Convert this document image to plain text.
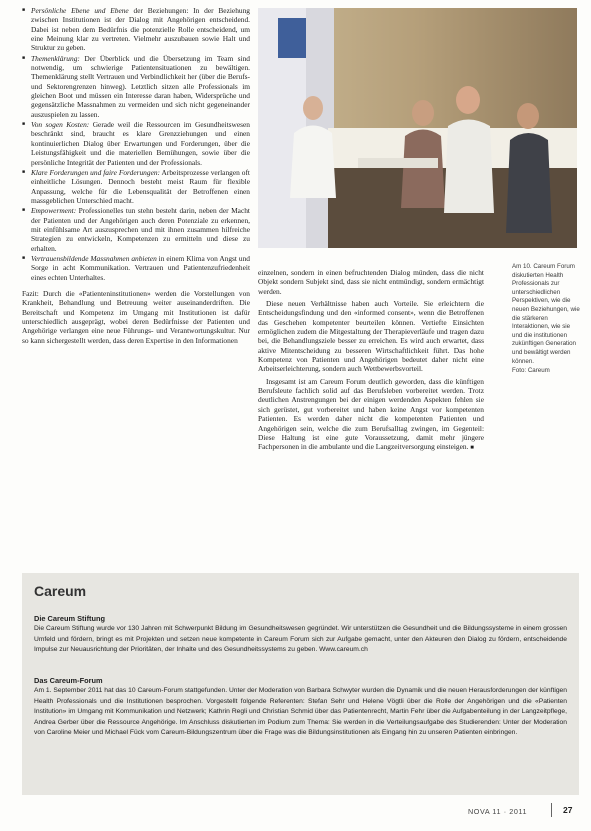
■ Persönliche Ebene und Ebene der Beziehungen: In der Beziehung zwischen Institutionen ist der Dialog mit Angehörigen entscheidend. Dabei ist neben dem Bedürfnis die potenzielle Rolle entscheidend, um eine Meinung klar zu vertreten. Vielmehr auszubauen sowie Halt und Struktur zu geben.
■ Themenklärung: Der Überblick und die Übersetzung im Team sind notwendig, um schwierige Patientensituationen zu bewältigen. Themenklärung stellt Vertrauen und Verbindlichkeit her (über die Berufs- und Sektorengrenzen hinweg). Letztlich sitzen alle Professionals im gleichen Boot und müssen ein Interesse daran haben, Widersprüche und gegensätzliche Massnahmen zu vermeiden und sich nicht gegeneinander auszuspielen zu lassen.
■ Von sogen Kosten: Gerade weil die Ressourcen im Gesundheitswesen beschränkt sind, braucht es klare Grenzziehungen und einen kontinuierlichen Dialog über Erwartungen und Forderungen, über die Leistungsfähigkeit und die materiellen Bemühungen, sowie über die persönliche Integrität der Patienten und der Professionals.
■ Klare Forderungen und faire Forderungen: Arbeitsprozesse verlangen oft einheitliche Lösungen. Dennoch besteht meist Raum für flexible Anpassung, welche für die Lebensqualität der Betroffenen einen massgeblichen Unterschied macht.
■ Empowerment: Professionelles tun stehn besteht darin, neben der Macht der Patienten und der Angehörigen auch deren Potenziale zu erkennen, mit einfühlsame Art auszusprechen und mit ihnen zusammen hilfreiche Strategien zu entwickeln, Kompetenzen zu ermitteln und diese zu erhalten.
■ Vertrauensbildende Massnahmen anbieten in einem Klima von Angst und Sorge in acht Kommunikation. Vertrauen und Patientenzufriedenheit eines echten Unterhaltes.

Fazit: Durch die «Patienteninstitutionen» werden die Vorstellungen von Krankheit, Behandlung und Betreuung weiter auseinanderdriften. Die Bereitschaft und Kompetenz im Umgang mit Institutionen ist dafür unterschiedlich ausgeprägt, wobei deren Bedürfnisse der Patienten und Angehörige verlangen eine neue Führungs- und Verantwortungskultur. Nur so kann sichergestellt werden, dass deren Expertise in den Informationen

Am 10. Careum Forum diskutierten Health Professionals zur unterschiedlichen Perspektiven, wie die neuen Beziehungen, wie die stärkeren Interaktionen, wie sie und die institutionen zukünftigen Generation und bewältigt werden können.
Foto: Careum

einzelnen, sondern in einen befruchtenden Dialog münden, dass die nicht Objekt sondern Subjekt sind, dass sie nicht entmündigt, sondern ermächtigt werden.

Diese neuen Verhältnisse haben auch Vorteile. Sie erleichtern die Entscheidungsfindung und den «informed consent», wenn die Betroffenen das Geschehen kompetenter beurteilen können. Vertiefte Einsichten ermöglichen zudem die Mitgestaltung der Therapieverläufe und tragen dazu bei, die Behandlungsziele besser zu erreichen. Es wird auch erwartet, dass aktive Mitentscheidung zu besseren Wirtschaftlichkeit führt. Das hohe Kompetenz von Patienten und Angehörigen bedeutet daher nicht eine Arbeitserleichterung, sondern auch Wettbewerbsvorteil.

Insgesamt ist am Careum Forum deutlich geworden, dass die künftigen Berufsleute fachlich solid auf das Berufsleben vorbereitet werden. Trotz deutlichen Anstrengungen bei der einigen werdenden Aspekten fehlen sie sich gerüstet, gut vorbereitet und haben keine Angst vor kompetenten Patienten. Es werden daher nicht die kompetenten Patienten und Angehörigen sein, welche die zum Berufsalltag zwingen, im Gegenteil: Diese Haltung ist eine gute Voraussetzung, damit mehr jüngere Fachpersonen in die ambulante und die Langzeitversorgung einsteigen. ■

Careum
Die Careum Stiftung
Die Careum Stiftung wurde vor 130 Jahren mit Schwerpunkt Bildung im Gesundheitswesen gegründet. Wir unterstützen die Gesundheit und die Bildungssysteme in einem grossen Umfeld und fördern, bringt es mit Projekten und setzen neue kompetente in Careum Forum sich zur Aufgabe gemacht, unter den Akteuren den Dialog zu fördern, entscheidende Impulse zur Neuausrichtung der Prioritäten, der Inhalte und des Gesundheitssystems zu geben. Www.careum.ch
Das Careum-Forum
Am 1. September 2011 hat das 10 Careum-Forum stattgefunden. Unter der Moderation von Barbara Schwyter wurden die Dynamik und die neuen Herausforderungen der künftigen Health Professionals und die Institutionen besprochen. Vorgestellt folgende Referenten: Stefan Sehr und Helene Vögtli über die Rolle der Angehörigen und die «Patienten Institution» im Umgang mit Kommunikation und Netzwerk; Kathrin Regli und Christian Schmid über das Patientenrecht, Martin Fehr über die Aufgabenteilung in der Langzeitpflege, Andrea Gerber über die Ressource Angehörige. Im Anschluss diskutierten im Podium zum Thema: Sie werden in die Verteilungsaufgabe des Studierenden: Unter der Moderation von Caroline Meier und Michael Fück vom Careum-Bildungszentrum über die Frage was die Bildungsinstitutionen als Eingang hin zu unseren Patienten einbringen.
NOVA 11 · 2011	27
